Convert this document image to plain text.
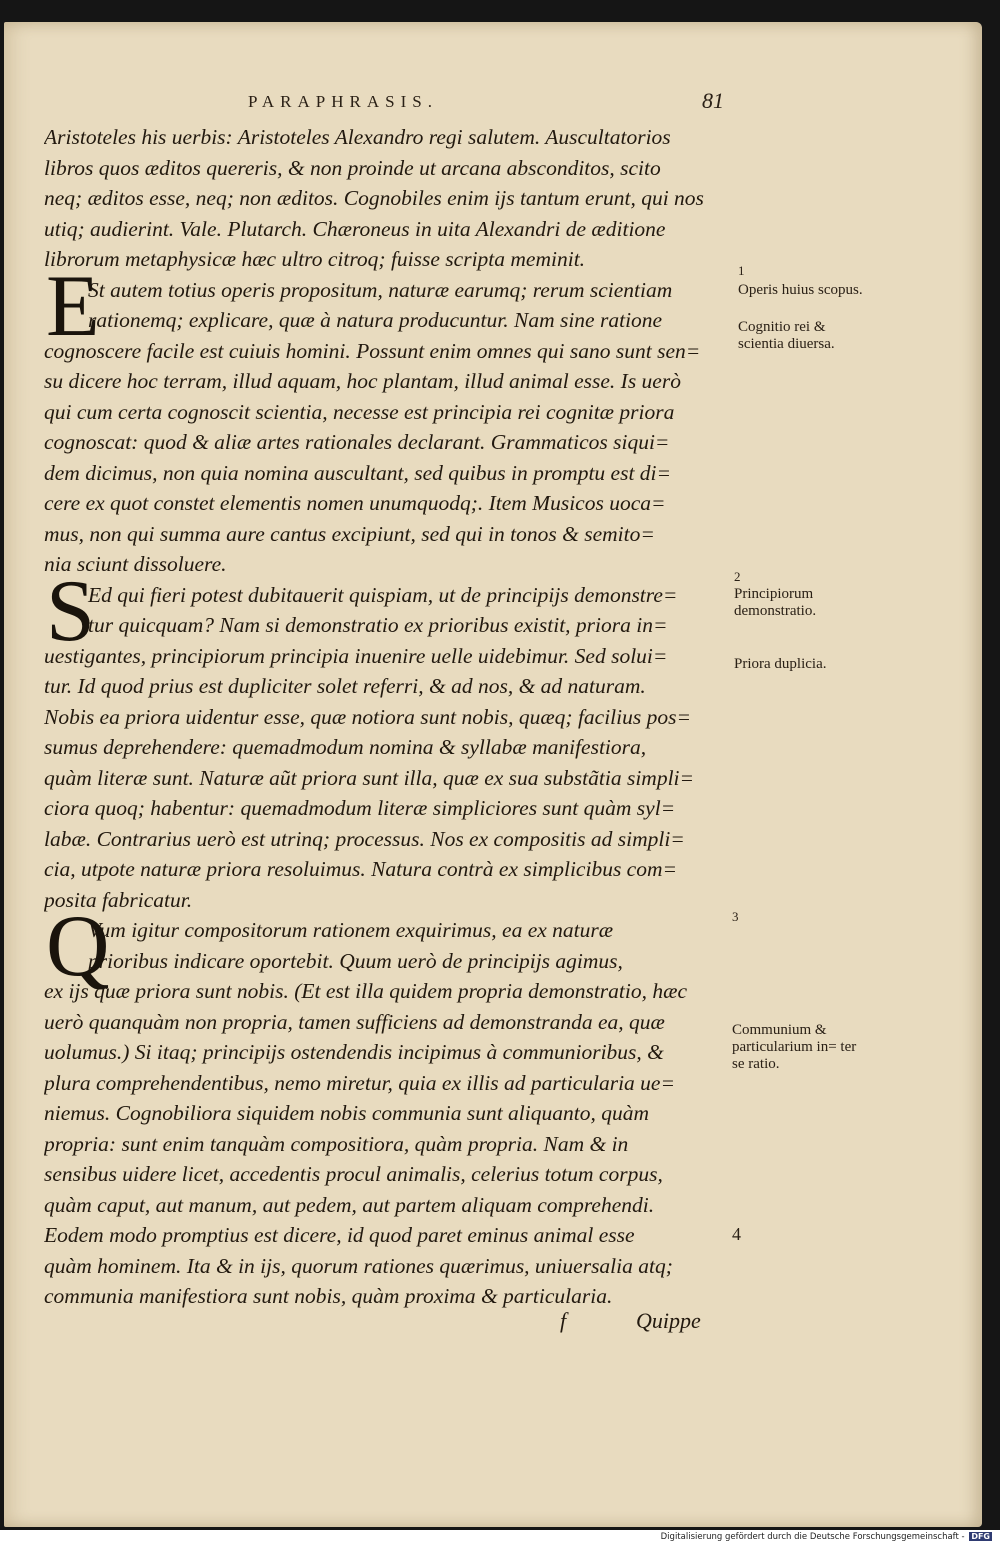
PARAPHRASIS.	81
Aristoteles his uerbis: Aristoteles Alexandro regi salutem. Auscultatorios
libros quos æditos quereris, & non proinde ut arcana absconditos, scito
neq; æditos esse, neq; non æditos. Cognobiles enim ijs tantum erunt, qui nos
utiq; audierint. Vale. Plutarch. Chæroneus in uita Alexandri de æditione
librorum metaphysicæ hæc ultro citroq; fuisse scripta meminit.
E
St autem totius operis propositum, naturæ earumq; rerum scientiam
rationemq; explicare, quæ à natura producuntur. Nam sine ratione
cognoscere facile est cuiuis homini. Possunt enim omnes qui sano sunt sen=
su dicere hoc terram, illud aquam, hoc plantam, illud animal esse. Is uerò
qui cum certa cognoscit scientia, necesse est principia rei cognitæ priora
cognoscat: quod & aliæ artes rationales declarant. Grammaticos siqui=
dem dicimus, non quia nomina auscultant, sed quibus in promptu est di=
cere ex quot constet elementis nomen unumquodq;. Item Musicos uoca=
mus, non qui summa aure cantus excipiunt, sed qui in tonos & semito=
nia sciunt dissoluere.
S
Ed qui fieri potest dubitauerit quispiam, ut de principijs demonstre=
tur quicquam? Nam si demonstratio ex prioribus existit, priora in=
uestigantes, principiorum principia inuenire uelle uidebimur. Sed solui=
tur. Id quod prius est dupliciter solet referri, & ad nos, & ad naturam.
Nobis ea priora uidentur esse, quæ notiora sunt nobis, quæq; facilius pos=
sumus deprehendere: quemadmodum nomina & syllabæ manifestiora,
quàm literæ sunt. Naturæ aũt priora sunt illa, quæ ex sua substãtia simpli=
ciora quoq; habentur: quemadmodum literæ simpliciores sunt quàm syl=
labæ. Contrarius uerò est utrinq; processus. Nos ex compositis ad simpli=
cia, utpote naturæ priora resoluimus. Natura contrà ex simplicibus com=
posita fabricatur.
Q
Vum igitur compositorum rationem exquirimus, ea ex naturæ
prioribus indicare oportebit. Quum uerò de principijs agimus,
ex ijs quæ priora sunt nobis. (Et est illa quidem propria demonstratio, hæc
uerò quanquàm non propria, tamen sufficiens ad demonstranda ea, quæ
uolumus.) Si itaq; principijs ostendendis incipimus à communioribus, &
plura comprehendentibus, nemo miretur, quia ex illis ad particularia ue=
niemus. Cognobiliora siquidem nobis communia sunt aliquanto, quàm
propria: sunt enim tanquàm compositiora, quàm propria. Nam & in
sensibus uidere licet, accedentis procul animalis, celerius totum corpus,
quàm caput, aut manum, aut pedem, aut partem aliquam comprehendi.
Eodem modo promptius est dicere, id quod paret eminus animal esse
quàm hominem. Ita & in ijs, quorum rationes quærimus, uniuersalia atq;
communia manifestiora sunt nobis, quàm proxima & particularia.
1
Operis huius scopus.
Cognitio rei & scientia diuersa.
2
Principiorum demonstratio.
Priora duplicia.
3
Communium & particularium in= ter se ratio.
4
f	Quippe
Digitalisierung gefördert durch die Deutsche Forschungsgemeinschaft - DFG
